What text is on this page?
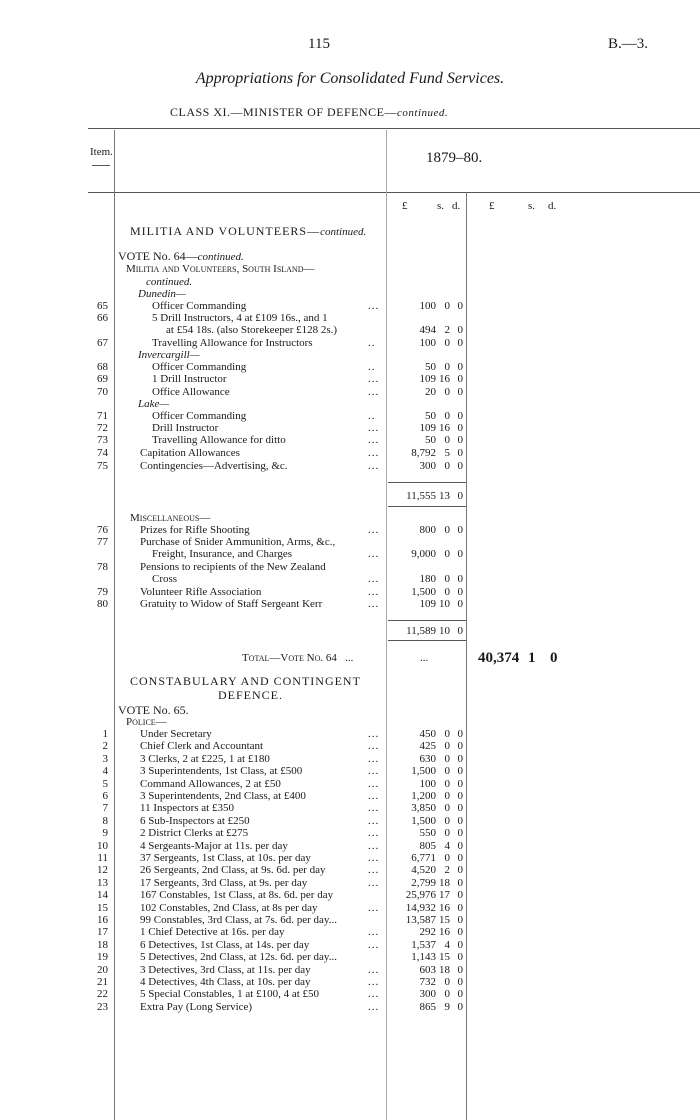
115	B.—3.
Appropriations for Consolidated Fund Services.
CLASS XI.—MINISTER OF DEFENCE—continued.
Item.	1879–80.
£	s. d.	£	s. d.
MILITIA AND VOLUNTEERS—continued.
VOTE No. 64—continued.
Militia and Volunteers, South Island—
continued.
Dunedin—
Invercargill—
Lake—
65	Officer Commanding	...	100 0 0
66	5 Drill Instructors, 4 at £109 16s., and 1
at £54 18s. (also Storekeeper £128 2s.)	494 2 0
67	Travelling Allowance for Instructors	..	100 0 0
68	Officer Commanding	..	50 0 0
69	1 Drill Instructor	...	109 16 0
70	Office Allowance	...	20 0 0
71	Officer Commanding	..	50 0 0
72	Drill Instructor	...	109 16 0
73	Travelling Allowance for ditto	...	50 0 0
74	Capitation Allowances	...	8,792 5 0
75	Contingencies—Advertising, &c.	...	300 0 0
11,555 13 0
Miscellaneous—
76	Prizes for Rifle Shooting	...	800 0 0
77	Purchase of Snider Ammunition, Arms, &c.,
Freight, Insurance, and Charges	...	9,000 0 0
78	Pensions to recipients of the New Zealand
Cross	...	180 0 0
79	Volunteer Rifle Association	...	1,500 0 0
80	Gratuity to Widow of Staff Sergeant Kerr	...	109 10 0
11,589 10 0
Total—Vote No. 64 ...	...	40,374 1 0
CONSTABULARY AND CONTINGENT
DEFENCE.
VOTE No. 65.
Police—
1	Under Secretary	...	450 0 0
2	Chief Clerk and Accountant	...	425 0 0
3	3 Clerks, 2 at £225, 1 at £180	...	630 0 0
4	3 Superintendents, 1st Class, at £500	...	1,500 0 0
5	Command Allowances, 2 at £50	...	100 0 0
6	3 Superintendents, 2nd Class, at £400	...	1,200 0 0
7	11 Inspectors at £350	...	3,850 0 0
8	6 Sub-Inspectors at £250	...	1,500 0 0
9	2 District Clerks at £275	...	550 0 0
10	4 Sergeants-Major at 11s. per day	...	805 4 0
11	37 Sergeants, 1st Class, at 10s. per day	...	6,771 0 0
12	26 Sergeants, 2nd Class, at 9s. 6d. per day	...	4,520 2 0
13	17 Sergeants, 3rd Class, at 9s. per day	...	2,799 18 0
14	167 Constables, 1st Class, at 8s. 6d. per day	25,976 17 0
15	102 Constables, 2nd Class, at 8s per day	...	14,932 16 0
16	99 Constables, 3rd Class, at 7s. 6d. per day...	13,587 15 0
17	1 Chief Detective at 16s. per day	...	292 16 0
18	6 Detectives, 1st Class, at 14s. per day	...	1,537 4 0
19	5 Detectives, 2nd Class, at 12s. 6d. per day...	1,143 15 0
20	3 Detectives, 3rd Class, at 11s. per day	...	603 18 0
21	4 Detectives, 4th Class, at 10s. per day	...	732 0 0
22	5 Special Constables, 1 at £100, 4 at £50	...	300 0 0
23	Extra Pay (Long Service)	...	865 9 0
